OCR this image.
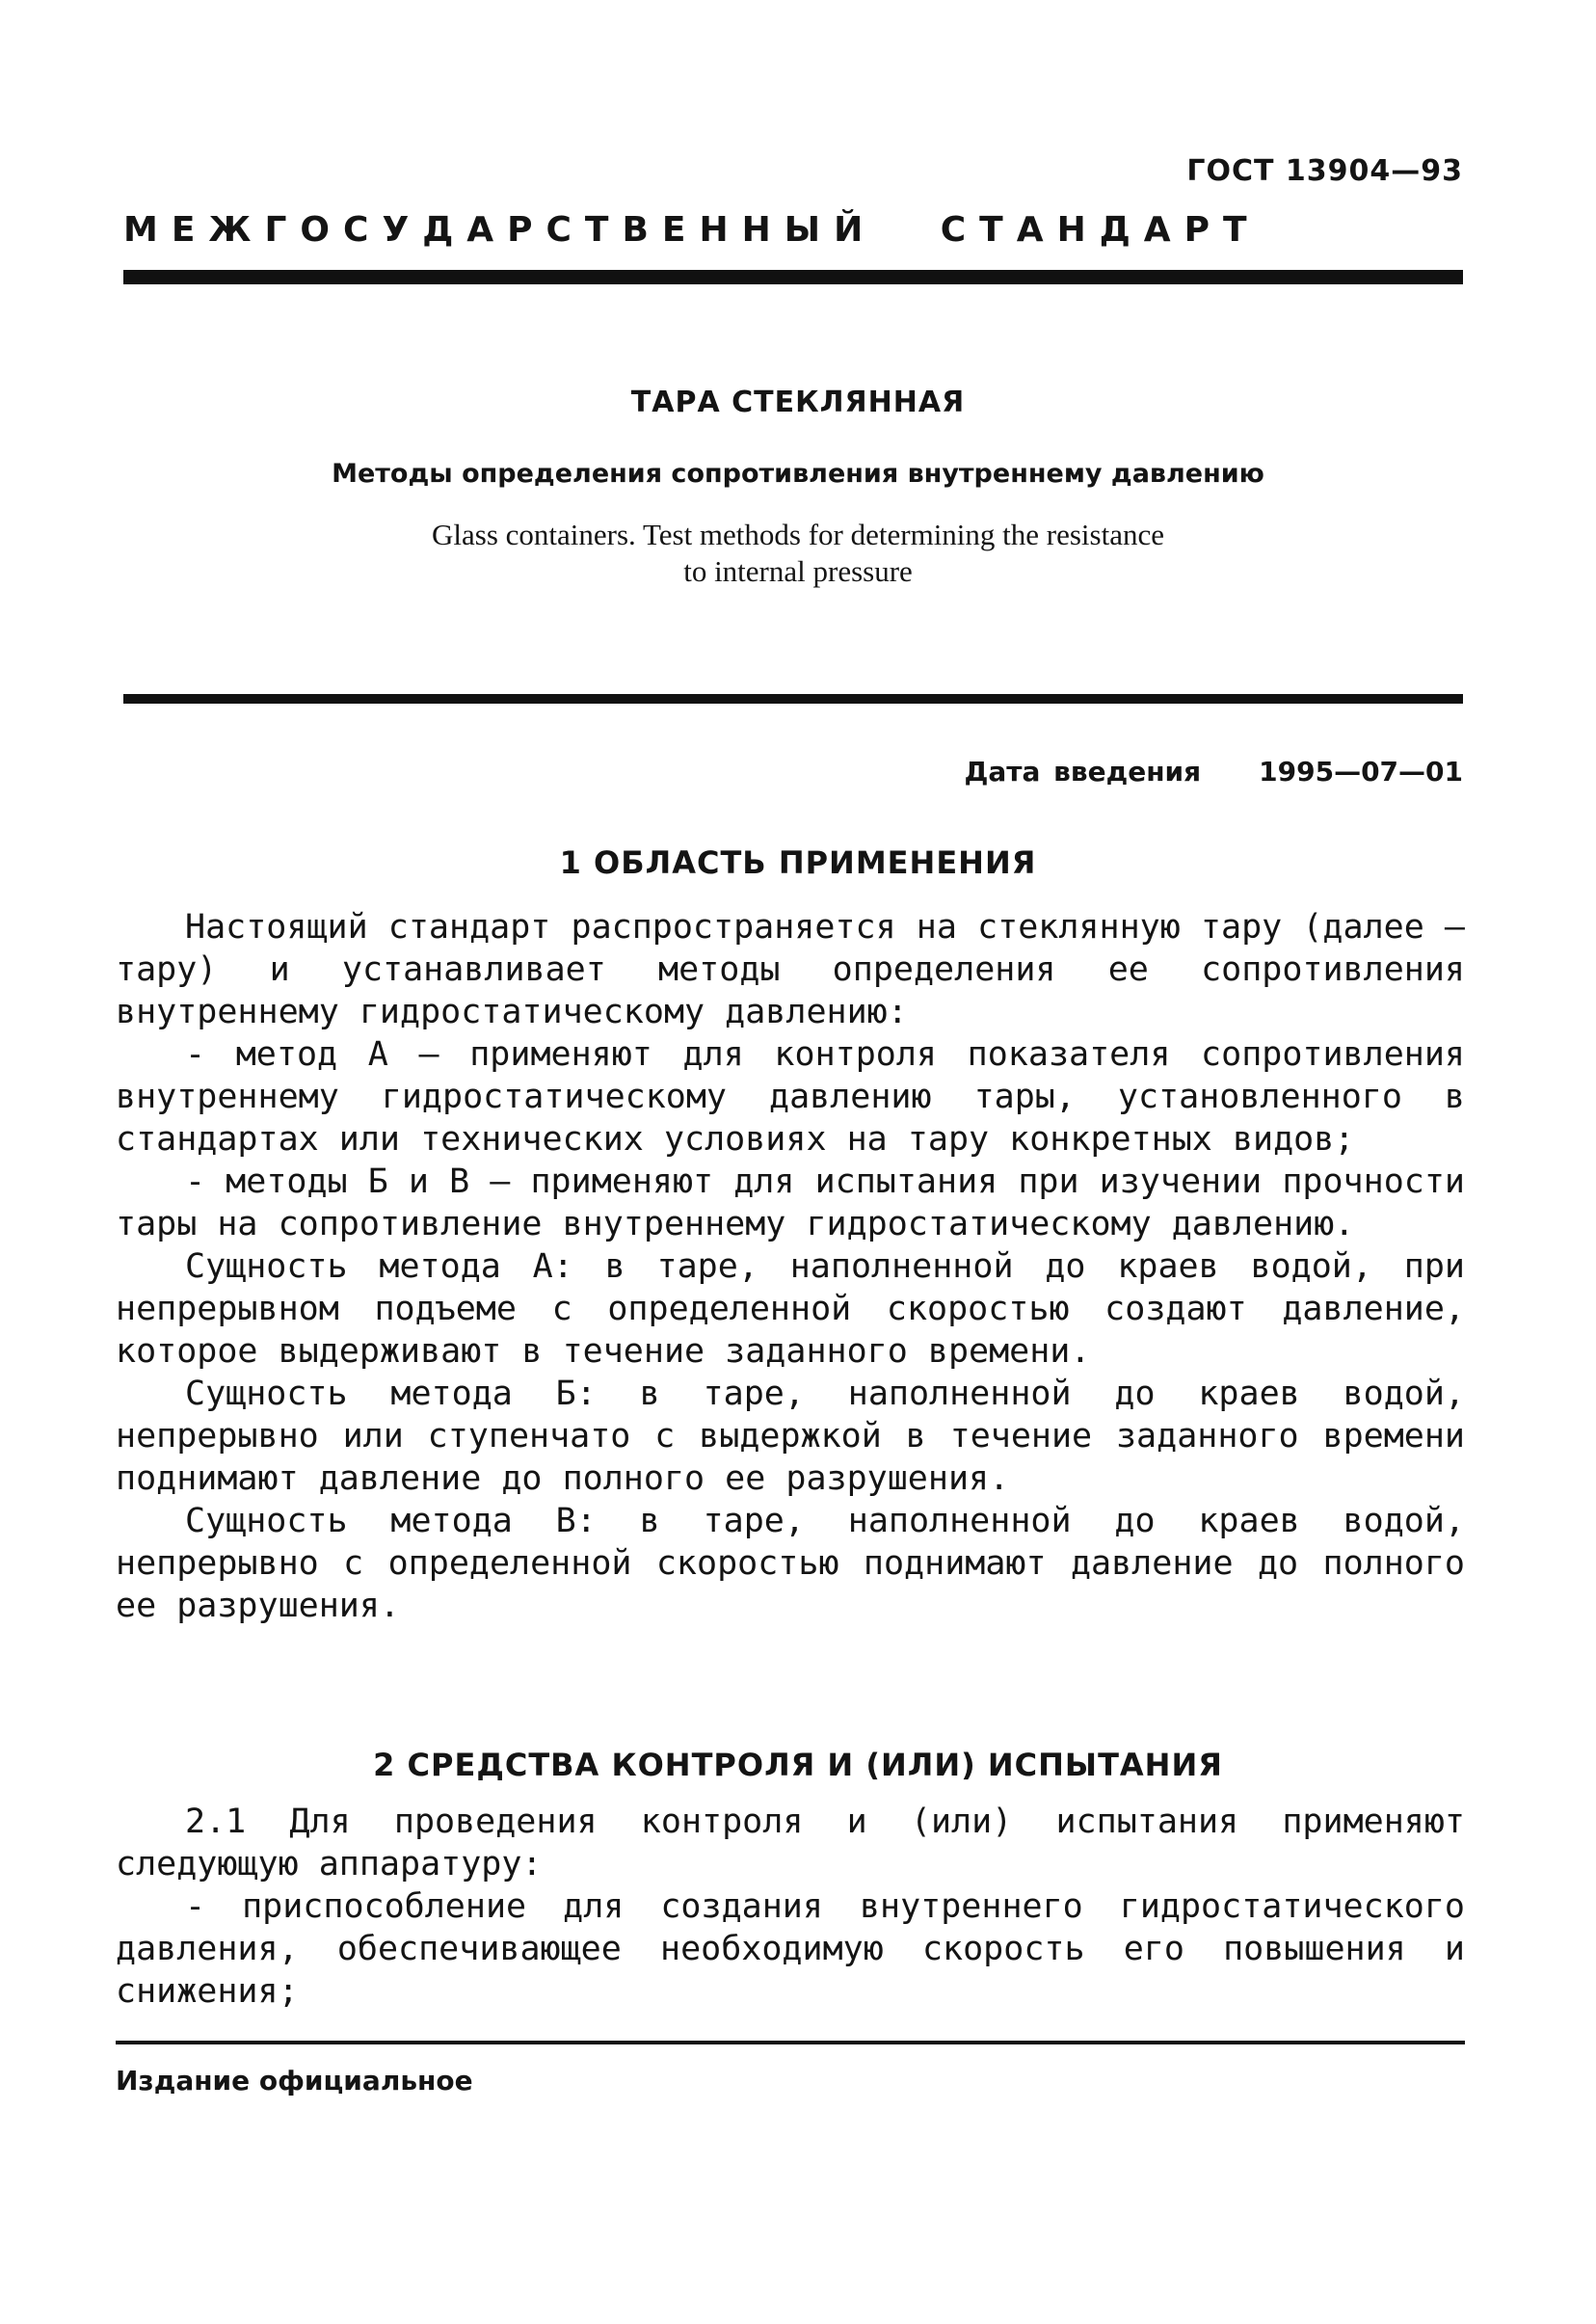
ГОСТ 13904—93
МЕЖГОСУДАРСТВЕННЫЙ СТАНДАРТ
ТАРА СТЕКЛЯННАЯ
Методы определения сопротивления внутреннему давлению
Glass containers. Test methods for determining the resistance
to internal pressure
Дата введения 1995—07—01
1 ОБЛАСТЬ ПРИМЕНЕНИЯ

Настоящий стандарт распространяется на стеклянную тару (далее — тару) и устанавливает методы определения ее сопротивления внутреннему гидростатическому давлению:

- метод А — применяют для контроля показателя сопротивления внутреннему гидростатическому давлению тары, установленного в стандартах или технических условиях на тару конкретных видов;

- методы Б и В — применяют для испытания при изучении прочности тары на сопротивление внутреннему гидростатическому давлению.

Сущность метода А: в таре, наполненной до краев водой, при непрерывном подъеме с определенной скоростью создают давление, которое выдерживают в течение заданного времени.

Сущность метода Б: в таре, наполненной до краев водой, непрерывно или ступенчато с выдержкой в течение заданного времени поднимают давление до полного ее разрушения.

Сущность метода В: в таре, наполненной до краев водой, непрерывно с определенной скоростью поднимают давление до полного ее разрушения.

2 СРЕДСТВА КОНТРОЛЯ И (ИЛИ) ИСПЫТАНИЯ

2.1 Для проведения контроля и (или) испытания применяют следующую аппаратуру:

- приспособление для создания внутреннего гидростатического давления, обеспечивающее необходимую скорость его повышения и снижения;

Издание официальное
